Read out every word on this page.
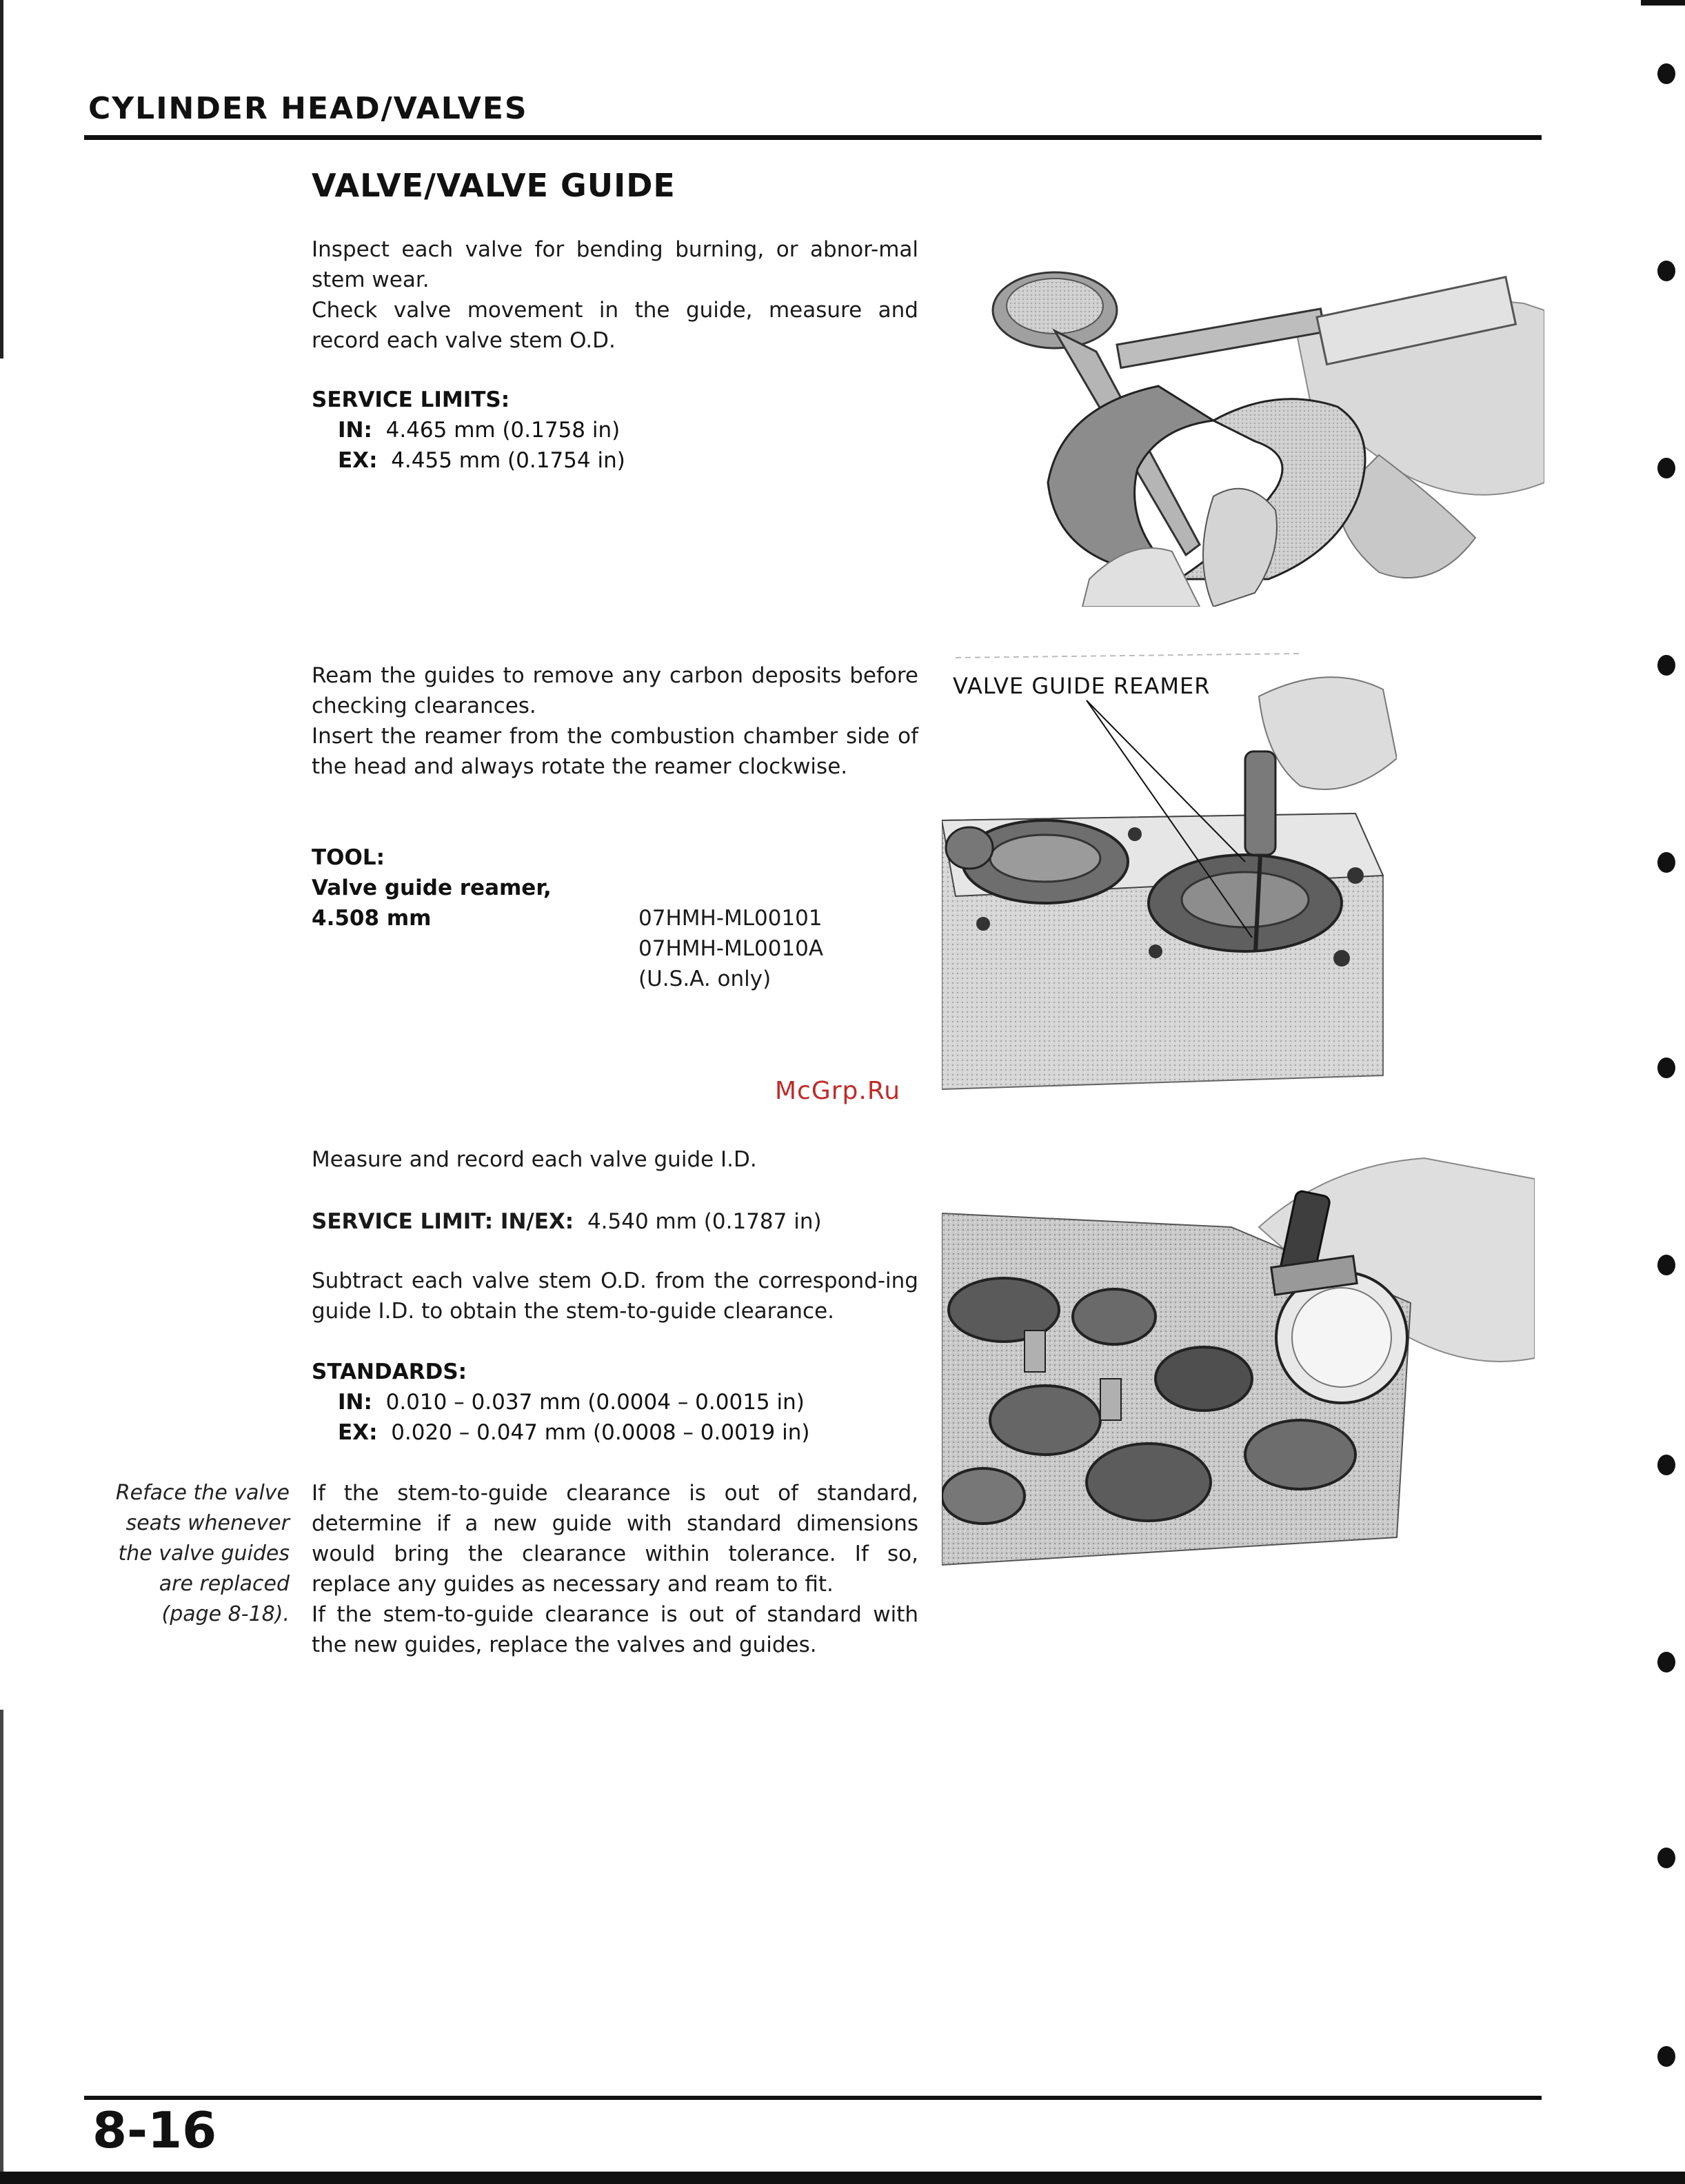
CYLINDER HEAD/VALVES
VALVE/VALVE GUIDE
Inspect each valve for bending burning, or abnor-mal stem wear.
Check valve movement in the guide, measure and record each valve stem O.D.
SERVICE LIMITS:
IN: 4.465 mm (0.1758 in)
EX: 4.455 mm (0.1754 in)
Ream the guides to remove any carbon deposits before checking clearances.
Insert the reamer from the combustion chamber side of the head and always rotate the reamer clockwise.
TOOL:
Valve guide reamer,
4.508 mm	07HMH-ML00101
07HMH-ML0010A
(U.S.A. only)
VALVE GUIDE REAMER
McGrp.Ru
Measure and record each valve guide I.D.
SERVICE LIMIT: IN/EX: 4.540 mm (0.1787 in)
Subtract each valve stem O.D. from the correspond-ing guide I.D. to obtain the stem-to-guide clearance.
STANDARDS:
IN: 0.010 – 0.037 mm (0.0004 – 0.0015 in)
EX: 0.020 – 0.047 mm (0.0008 – 0.0019 in)
Reface the valve
seats whenever
the valve guides
are replaced
(page 8-18).
If the stem-to-guide clearance is out of standard, determine if a new guide with standard dimensions would bring the clearance within tolerance. If so, replace any guides as necessary and ream to fit.
If the stem-to-guide clearance is out of standard with the new guides, replace the valves and guides.
8-16
